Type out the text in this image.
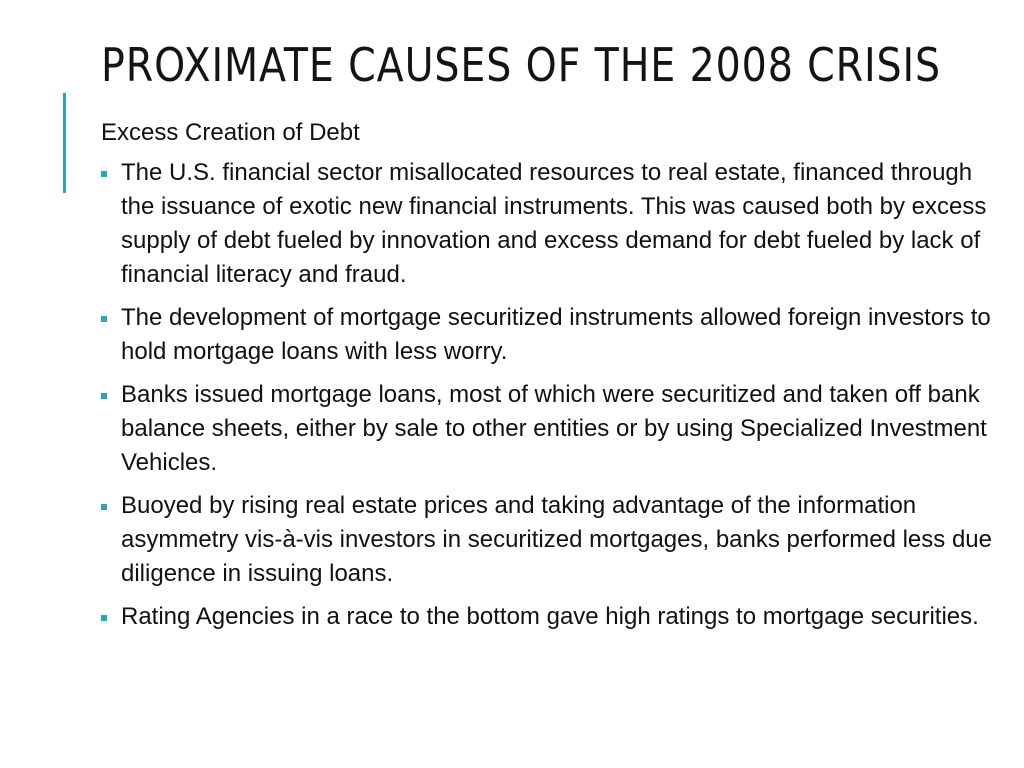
PROXIMATE CAUSES OF THE 2008 CRISIS

Excess Creation of Debt

The U.S. financial sector misallocated resources to real estate, financed through the issuance of exotic new financial instruments. This was caused both by excess supply of debt fueled by innovation and excess demand for debt fueled by lack of financial literacy and fraud.
The development of mortgage securitized instruments allowed foreign investors to hold mortgage loans with less worry.
Banks issued mortgage loans, most of which were securitized and taken off bank balance sheets, either by sale to other entities or by using Specialized Investment Vehicles.
Buoyed by rising real estate prices and taking advantage of the information asymmetry vis-à-vis investors in securitized mortgages, banks performed less due diligence in issuing loans.
Rating Agencies in a race to the bottom gave high ratings to mortgage securities.
